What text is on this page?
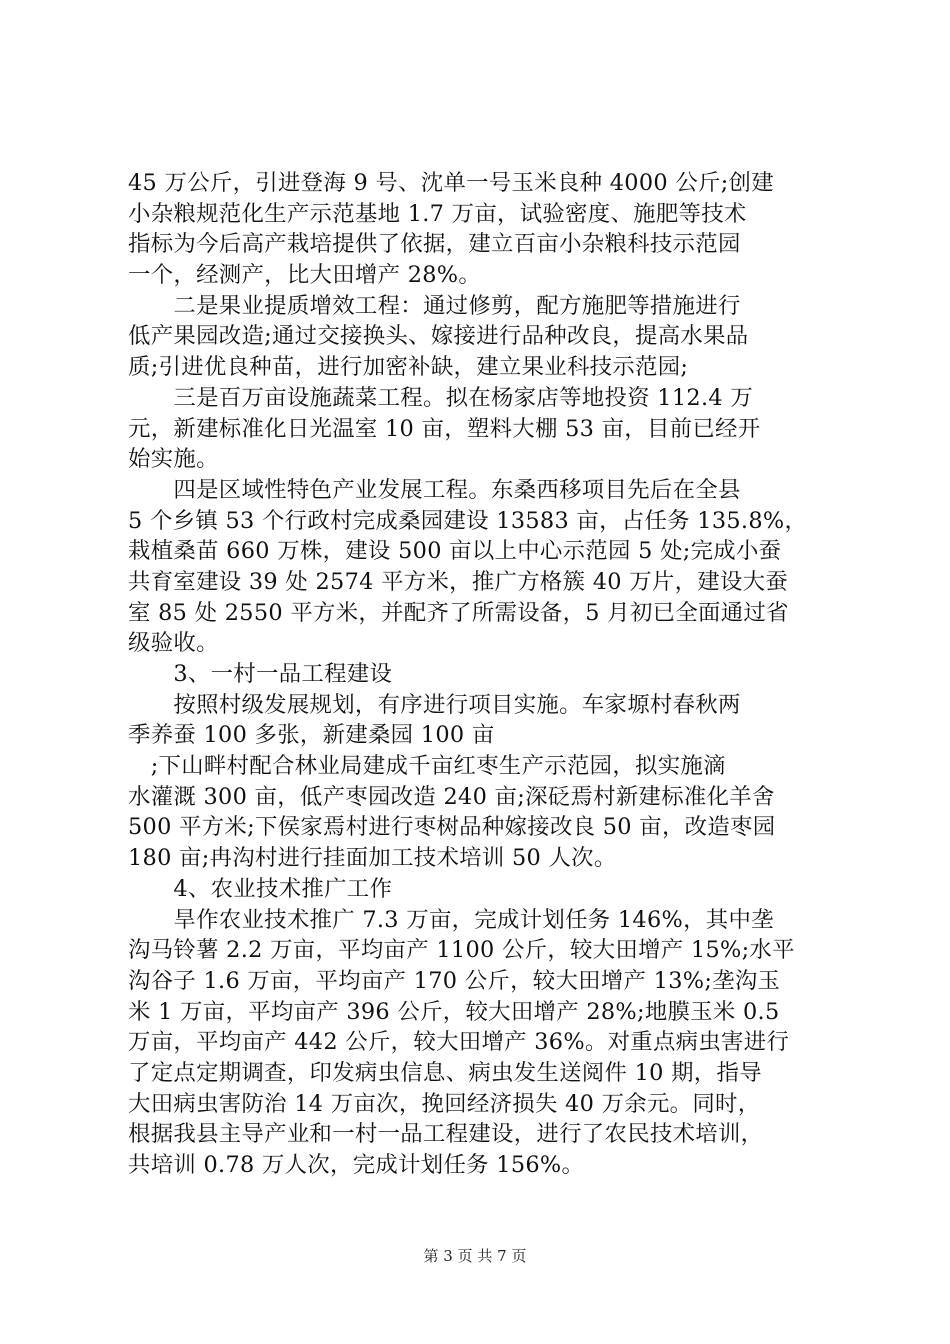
45 万公斤，引进登海 9 号、沈单一号玉米良种 4000 公斤;创建
小杂粮规范化生产示范基地 1.7 万亩，试验密度、施肥等技术
指标为今后高产栽培提供了依据，建立百亩小杂粮科技示范园
一个，经测产，比大田增产 28%。
　　二是果业提质增效工程：通过修剪，配方施肥等措施进行
低产果园改造;通过交接换头、嫁接进行品种改良，提高水果品
质;引进优良种苗，进行加密补缺，建立果业科技示范园;
　　三是百万亩设施蔬菜工程。拟在杨家店等地投资 112.4 万
元，新建标准化日光温室 10 亩，塑料大棚 53 亩，目前已经开
始实施。
　　四是区域性特色产业发展工程。东桑西移项目先后在全县
5 个乡镇 53 个行政村完成桑园建设 13583 亩，占任务 135.8%，
栽植桑苗 660 万株，建设 500 亩以上中心示范园 5 处;完成小蚕
共育室建设 39 处 2574 平方米，推广方格簇 40 万片，建设大蚕
室 85 处 2550 平方米，并配齐了所需设备，5 月初已全面通过省
级验收。
　　3、一村一品工程建设
　　按照村级发展规划，有序进行项目实施。车家塬村春秋两
季养蚕 100 多张，新建桑园 100 亩
　;下山畔村配合林业局建成千亩红枣生产示范园，拟实施滴
水灌溉 300 亩，低产枣园改造 240 亩;深砭焉村新建标准化羊舍
500 平方米;下侯家焉村进行枣树品种嫁接改良 50 亩，改造枣园
180 亩;冉沟村进行挂面加工技术培训 50 人次。
　　4、农业技术推广工作
　　旱作农业技术推广 7.3 万亩，完成计划任务 146%，其中垄
沟马铃薯 2.2 万亩，平均亩产 1100 公斤，较大田增产 15%;水平
沟谷子 1.6 万亩，平均亩产 170 公斤，较大田增产 13%;垄沟玉
米 1 万亩，平均亩产 396 公斤，较大田增产 28%;地膜玉米 0.5
万亩，平均亩产 442 公斤，较大田增产 36%。对重点病虫害进行
了定点定期调查，印发病虫信息、病虫发生送阅件 10 期，指导
大田病虫害防治 14 万亩次，挽回经济损失 40 万余元。同时，
根据我县主导产业和一村一品工程建设，进行了农民技术培训，
共培训 0.78 万人次，完成计划任务 156%。
第 3 页 共 7 页
